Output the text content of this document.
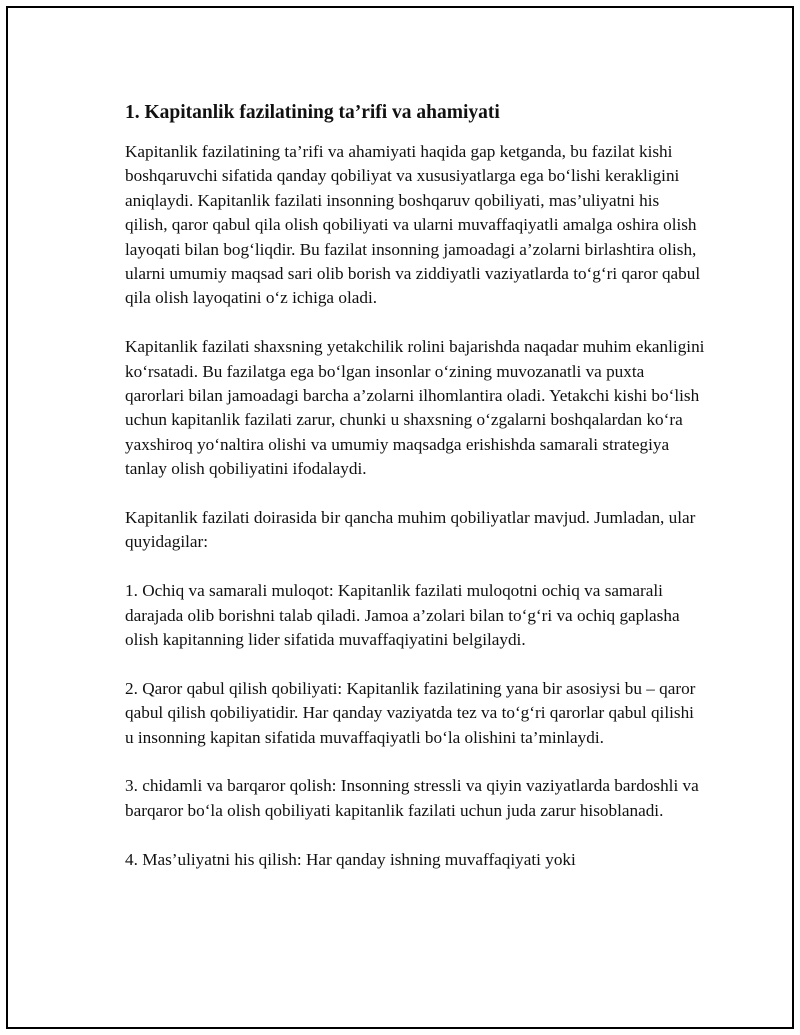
1. Kapitanlik fazilatining ta’rifi va ahamiyati

Kapitanlik fazilatining ta’rifi va ahamiyati haqida gap ketganda, bu fazilat kishi boshqaruvchi sifatida qanday qobiliyat va xususiyatlarga ega bo‘lishi kerakligini aniqlaydi. Kapitanlik fazilati insonning boshqaruv qobiliyati, mas’uliyatni his qilish, qaror qabul qila olish qobiliyati va ularni muvaffaqiyatli amalga oshira olish layoqati bilan bog‘liqdir. Bu fazilat insonning jamoadagi a’zolarni birlashtira olish, ularni umumiy maqsad sari olib borish va ziddiyatli vaziyatlarda to‘g‘ri qaror qabul qila olish layoqatini o‘z ichiga oladi.

Kapitanlik fazilati shaxsning yetakchilik rolini bajarishda naqadar muhim ekanligini ko‘rsatadi. Bu fazilatga ega bo‘lgan insonlar o‘zining muvozanatli va puxta qarorlari bilan jamoadagi barcha a’zolarni ilhomlantira oladi. Yetakchi kishi bo‘lish uchun kapitanlik fazilati zarur, chunki u shaxsning o‘zgalarni boshqalardan ko‘ra yaxshiroq yo‘naltira olishi va umumiy maqsadga erishishda samarali strategiya tanlay olish qobiliyatini ifodalaydi.

Kapitanlik fazilati doirasida bir qancha muhim qobiliyatlar mavjud. Jumladan, ular quyidagilar:

1. Ochiq va samarali muloqot: Kapitanlik fazilati muloqotni ochiq va samarali darajada olib borishni talab qiladi. Jamoa a’zolari bilan to‘g‘ri va ochiq gaplasha olish kapitanning lider sifatida muvaffaqiyatini belgilaydi.

2. Qaror qabul qilish qobiliyati: Kapitanlik fazilatining yana bir asosiysi bu – qaror qabul qilish qobiliyatidir. Har qanday vaziyatda tez va to‘g‘ri qarorlar qabul qilishi u insonning kapitan sifatida muvaffaqiyatli bo‘la olishini ta’minlaydi.

3. chidamli va barqaror qolish: Insonning stressli va qiyin vaziyatlarda bardoshli va barqaror bo‘la olish qobiliyati kapitanlik fazilati uchun juda zarur hisoblanadi.

4. Mas’uliyatni his qilish: Har qanday ishning muvaffaqiyati yoki
